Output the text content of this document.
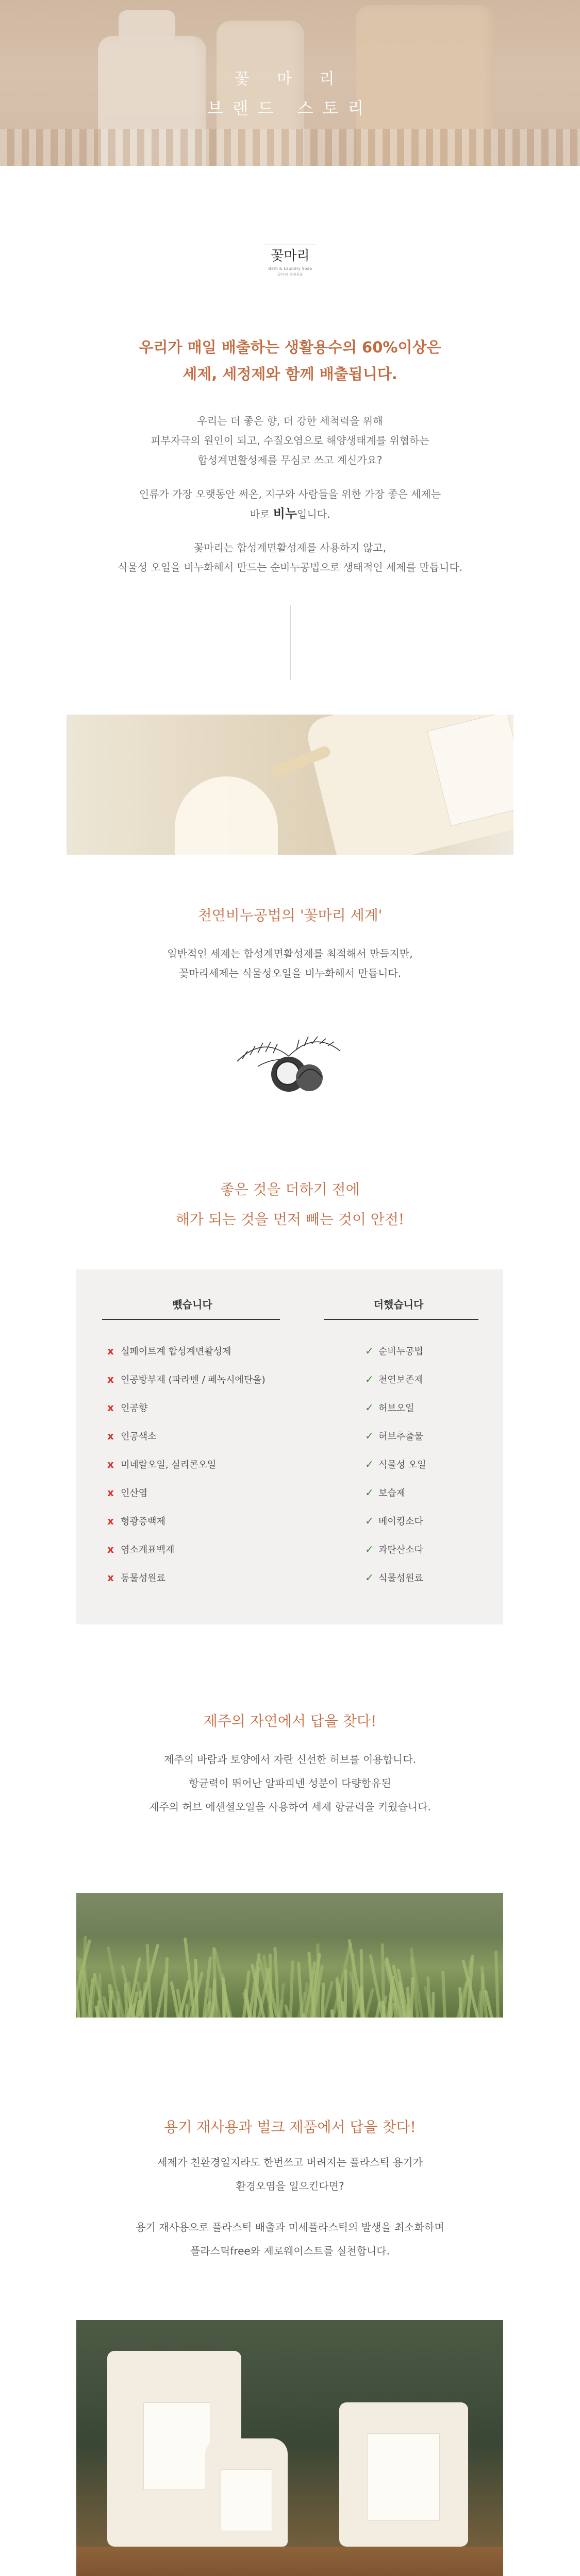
꽃 마 리
브랜드 스토리
꽃마리
Bath & Laundry Soap
꽃마리 세제용품
우리가 매일 배출하는 생활용수의 60%이상은
세제, 세정제와 함께 배출됩니다.
우리는 더 좋은 향, 더 강한 세척력을 위해
피부자극의 원인이 되고, 수질오염으로 해양생태계를 위협하는
합성계면활성제를 무심코 쓰고 계신가요?
인류가 가장 오랫동안 써온, 지구와 사람들을 위한 가장 좋은 세제는
바로 비누입니다.
꽃마리는 합성계면활성제를 사용하지 않고,
식물성 오일을 비누화해서 만드는 순비누공법으로 생태적인 세제를 만듭니다.
천연비누공법의 '꽃마리 세계'
일반적인 세제는 합성계면활성제를 최적해서 만들지만,
꽃마리세제는 식물성오일을 비누화해서 만듭니다.
좋은 것을 더하기 전에
해가 되는 것을 먼저 빼는 것이 안전!
뺐습니다	더했습니다
x 설페이트계 합성계면활성제
x 인공방부제 (파라벤 / 페녹시에탄올)
x 인공향
x 인공색소
x 미네랄오일, 실리콘오일
x 인산염
x 형광증백제
x 염소계표백제
x 동물성원료
✓ 순비누공법
✓ 천연보존제
✓ 허브오일
✓ 허브추출물
✓ 식물성 오일
✓ 보습제
✓ 베이킹소다
✓ 과탄산소다
✓ 식물성원료
제주의 자연에서 답을 찾다!
제주의 바람과 토양에서 자란 신선한 허브를 이용합니다.
항균력이 뛰어난 알파피넨 성분이 다량함유된
제주의 허브 에센셜오일을 사용하여 세제 항균력을 키웠습니다.
용기 재사용과 벌크 제품에서 답을 찾다!
세제가 친환경일지라도 한번쓰고 버려지는 플라스틱 용기가
환경오염을 일으킨다면?
용기 재사용으로 플라스틱 배출과 미세플라스틱의 발생을 최소화하며
플라스틱free와 제로웨이스트를 실천합니다.
